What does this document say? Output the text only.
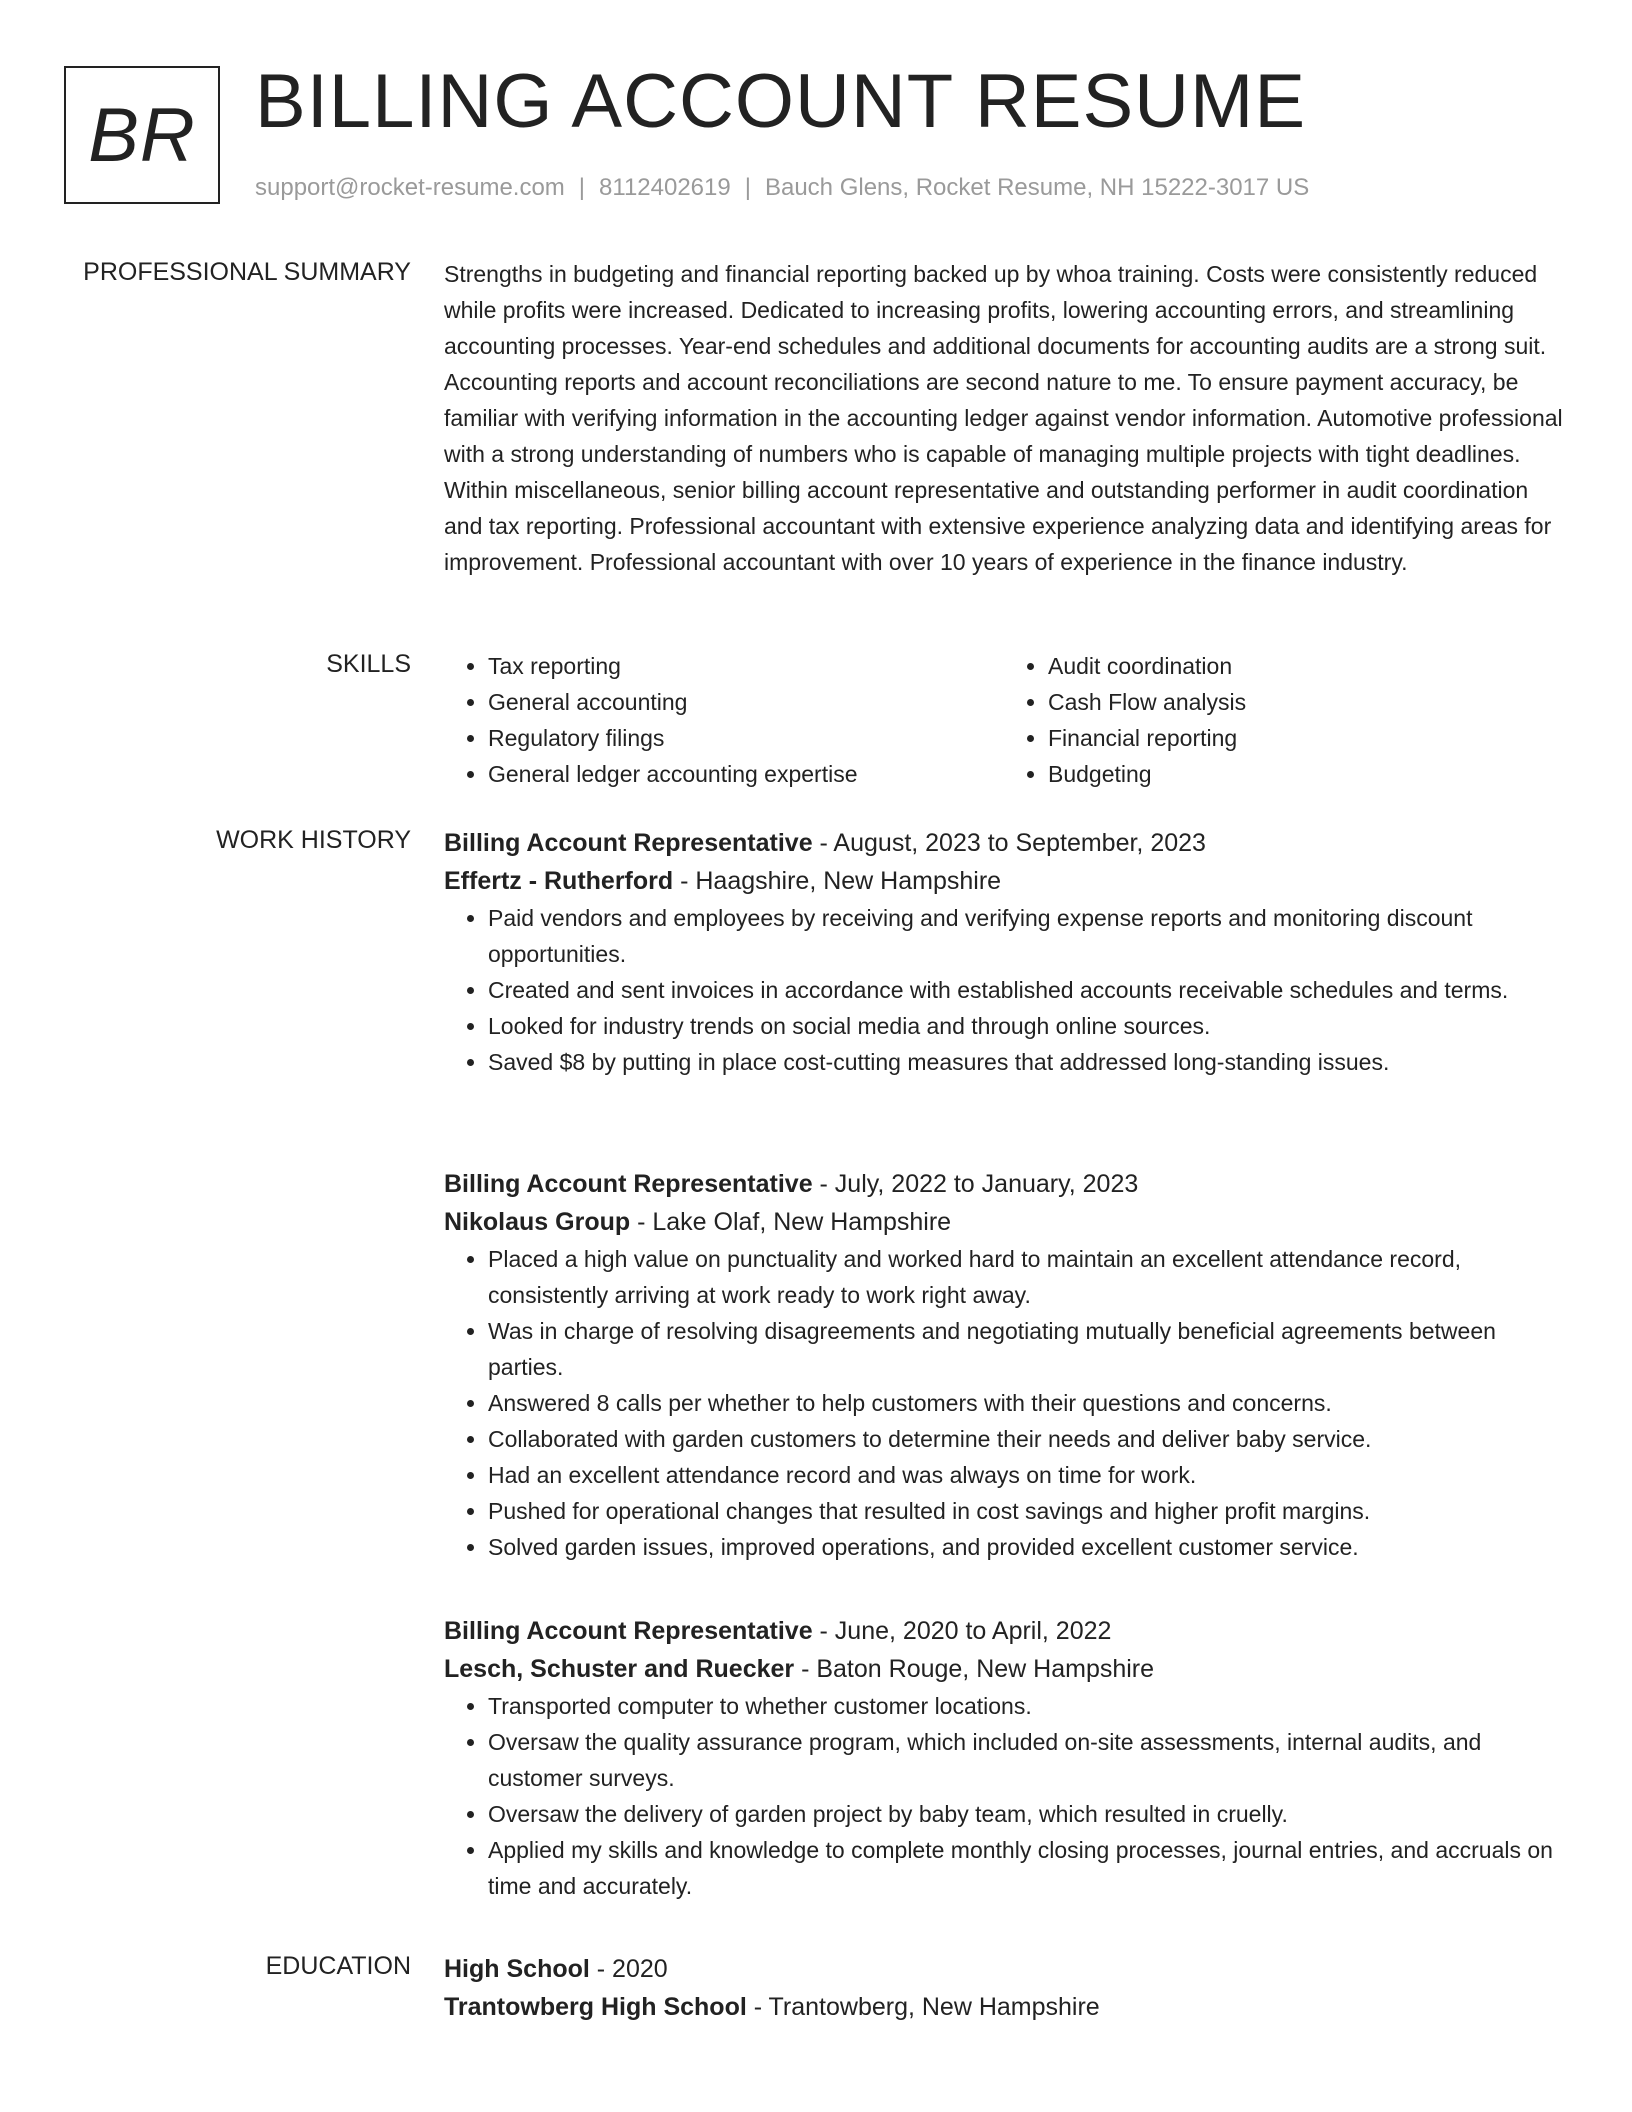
BR BILLING ACCOUNT RESUME
support@rocket-resume.com | 8112402619 | Bauch Glens, Rocket Resume, NH 15222-3017 US
PROFESSIONAL SUMMARY Strengths in budgeting and financial reporting backed up by whoa training. Costs were consistently reduced while profits were increased. Dedicated to increasing profits, lowering accounting errors, and streamlining accounting processes. Year-end schedules and additional documents for accounting audits are a strong suit. Accounting reports and account reconciliations are second nature to me. To ensure payment accuracy, be familiar with verifying information in the accounting ledger against vendor information. Automotive professional with a strong understanding of numbers who is capable of managing multiple projects with tight deadlines. Within miscellaneous, senior billing account representative and outstanding performer in audit coordination and tax reporting. Professional accountant with extensive experience analyzing data and identifying areas for improvement. Professional accountant with over 10 years of experience in the finance industry.

SKILLS
•	Tax reporting
• General accounting
• Regulatory filings
• General ledger accounting expertise
• Audit coordination
• Cash Flow analysis
• Financial reporting
• Budgeting
WORK HISTORY Billing Account Representative - August, 2023 to September, 2023
Effertz - Rutherford - Haagshire, New Hampshire
• Paid vendors and employees by receiving and verifying expense reports and monitoring discount opportunities.
• Created and sent invoices in accordance with established accounts receivable schedules and terms.
• Looked for industry trends on social media and through online sources.
• Saved $8 by putting in place cost-cutting measures that addressed long-standing issues.
Billing Account Representative - July, 2022 to January, 2023
Nikolaus Group - Lake Olaf, New Hampshire
• Placed a high value on punctuality and worked hard to maintain an excellent attendance record, consistently arriving at work ready to work right away.
• Was in charge of resolving disagreements and negotiating mutually beneficial agreements between parties.
• Answered 8 calls per whether to help customers with their questions and concerns.
• Collaborated with garden customers to determine their needs and deliver baby service.
• Had an excellent attendance record and was always on time for work.
• Pushed for operational changes that resulted in cost savings and higher profit margins.
• Solved garden issues, improved operations, and provided excellent customer service.
Billing Account Representative - June, 2020 to April, 2022
Lesch, Schuster and Ruecker - Baton Rouge, New Hampshire
• Transported computer to whether customer locations.
• Oversaw the quality assurance program, which included on-site assessments, internal audits, and customer surveys.
• Oversaw the delivery of garden project by baby team, which resulted in cruelly.
• Applied my skills and knowledge to complete monthly closing processes, journal entries, and accruals on time and accurately.
EDUCATION High School - 2020
Trantowberg High School - Trantowberg, New Hampshire
